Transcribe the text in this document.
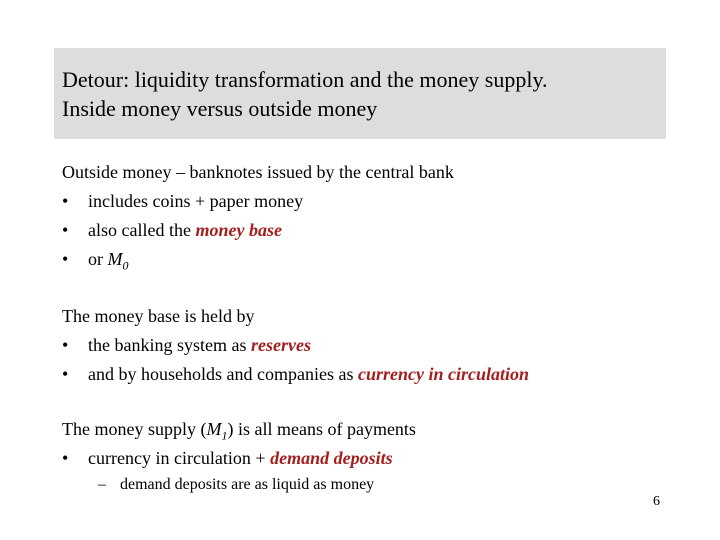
Detour: liquidity transformation and the money supply.
Inside money versus outside money
Outside money – banknotes issued by the central bank
• includes coins + paper money
• also called the money base
• or $M_0$
The money base is held by
• the banking system as reserves
• and by households and companies as currency in circulation
The money supply $(M_1)$ is all means of payments
• currency in circulation + demand deposits
– demand deposits are as liquid as money
6
